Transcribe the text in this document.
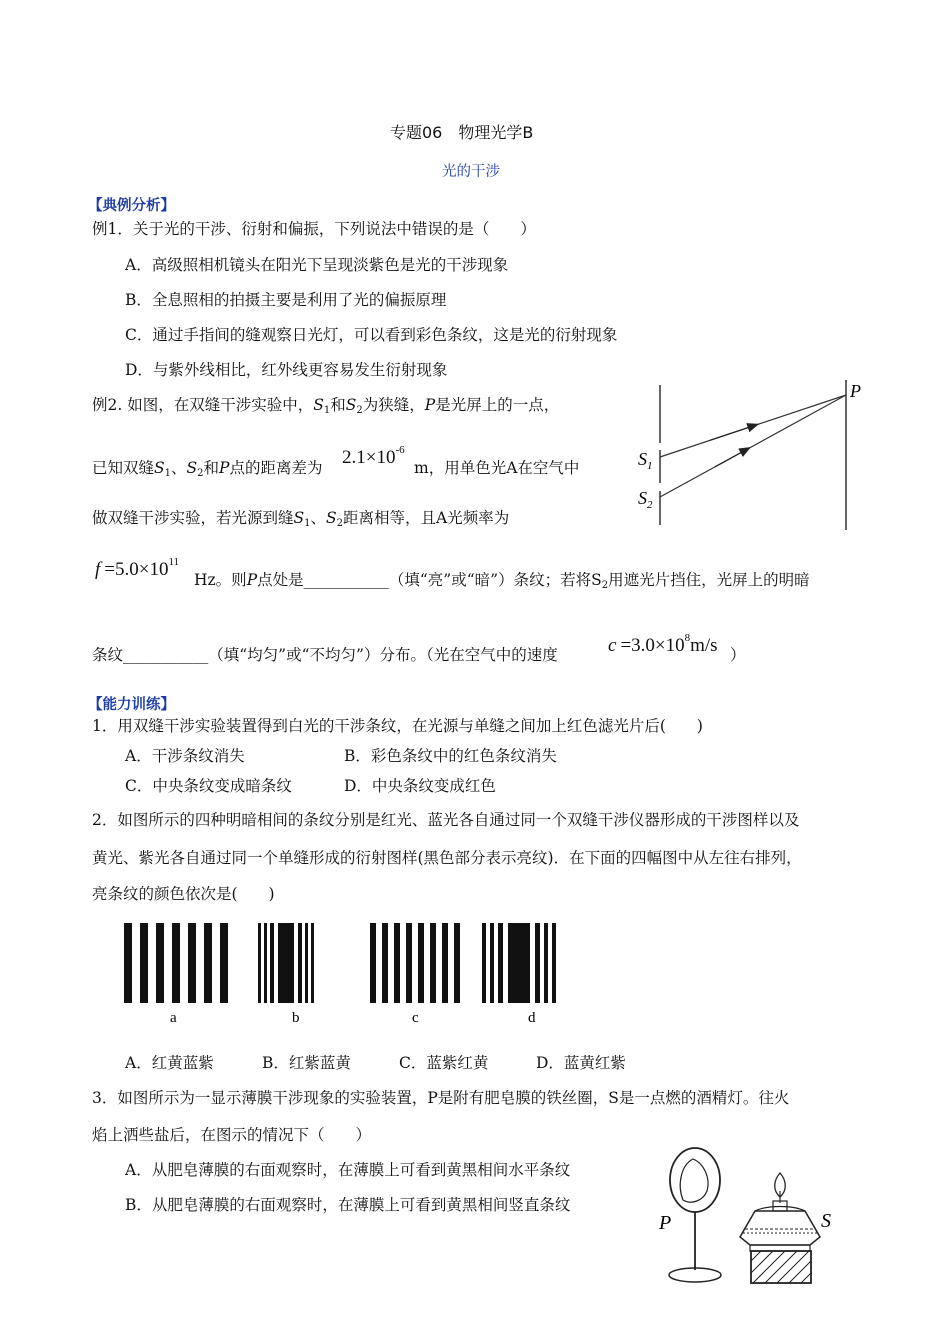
专题06　物理光学B
光的干涉
【典例分析】
例1．关于光的干涉、衍射和偏振，下列说法中错误的是（　　）
A．高级照相机镜头在阳光下呈现淡紫色是光的干涉现象
B．全息照相的拍摄主要是利用了光的偏振原理
C．通过手指间的缝观察日光灯，可以看到彩色条纹，这是光的衍射现象
D．与紫外线相比，红外线更容易发生衍射现象
例2. 如图，在双缝干涉实验中，$S_1$和$S_2$为狭缝，P是光屏上的一点，
已知双缝$S_1$、$S_2$和P点的距离差为 $2.1\times 10^{-6}$
m，用单色光A在空气中
做双缝干涉实验，若光源到缝$S_1$、$S_2$距离相等，且A光频率为
$f =5.0\times 10^{11}$
Hz。则P点处是___________（填“亮”或“暗”）条纹；若将$S_2$用遮光片挡住，光屏上的明暗
条纹___________（填“均匀”或“不均匀”）分布。（光在空气中的速度	$c =3.0\times 10^8m/s$ ）
P
$S_1$
$S_2$
【能力训练】
1．用双缝干涉实验装置得到白光的干涉条纹，在光源与单缝之间加上红色滤光片后(　　)
A．干涉条纹消失	B．彩色条纹中的红色条纹消失
C．中央条纹变成暗条纹	D．中央条纹变成红色
2．如图所示的四种明暗相间的条纹分别是红光、蓝光各自通过同一个双缝干涉仪器形成的干涉图样以及
黄光、紫光各自通过同一个单缝形成的衍射图样(黑色部分表示亮纹)．在下面的四幅图中从左往右排列，
亮条纹的颜色依次是(　　)
a	b	c	d
A．红黄蓝紫	B．红紫蓝黄	C．蓝紫红黄	D．蓝黄红紫
3．如图所示为一显示薄膜干涉现象的实验装置，P是附有肥皂膜的铁丝圈，S是一点燃的酒精灯。往火
焰上洒些盐后，在图示的情况下（　　）
A．从肥皂薄膜的右面观察时，在薄膜上可看到黄黑相间水平条纹
B．从肥皂薄膜的右面观察时，在薄膜上可看到黄黑相间竖直条纹
P	S
